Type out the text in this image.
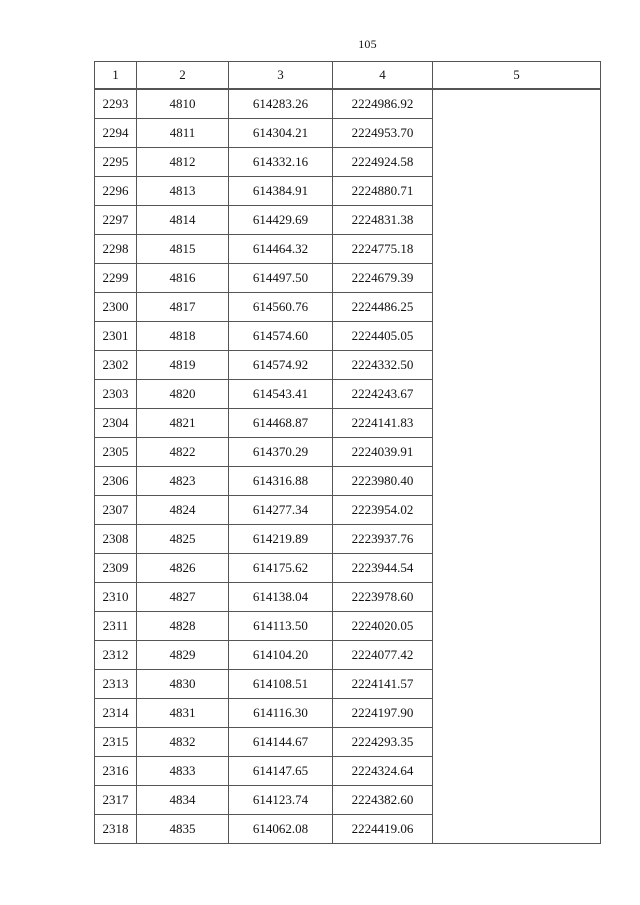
105
1	2	3	4	5
2293	4810	614283.26	2224986.92	
2294	4811	614304.21	2224953.70	
2295	4812	614332.16	2224924.58	
2296	4813	614384.91	2224880.71	
2297	4814	614429.69	2224831.38	
2298	4815	614464.32	2224775.18	
2299	4816	614497.50	2224679.39	
2300	4817	614560.76	2224486.25	
2301	4818	614574.60	2224405.05	
2302	4819	614574.92	2224332.50	
2303	4820	614543.41	2224243.67	
2304	4821	614468.87	2224141.83	
2305	4822	614370.29	2224039.91	
2306	4823	614316.88	2223980.40	
2307	4824	614277.34	2223954.02	
2308	4825	614219.89	2223937.76	
2309	4826	614175.62	2223944.54	
2310	4827	614138.04	2223978.60	
2311	4828	614113.50	2224020.05	
2312	4829	614104.20	2224077.42	
2313	4830	614108.51	2224141.57	
2314	4831	614116.30	2224197.90	
2315	4832	614144.67	2224293.35	
2316	4833	614147.65	2224324.64	
2317	4834	614123.74	2224382.60	
2318	4835	614062.08	2224419.06	
